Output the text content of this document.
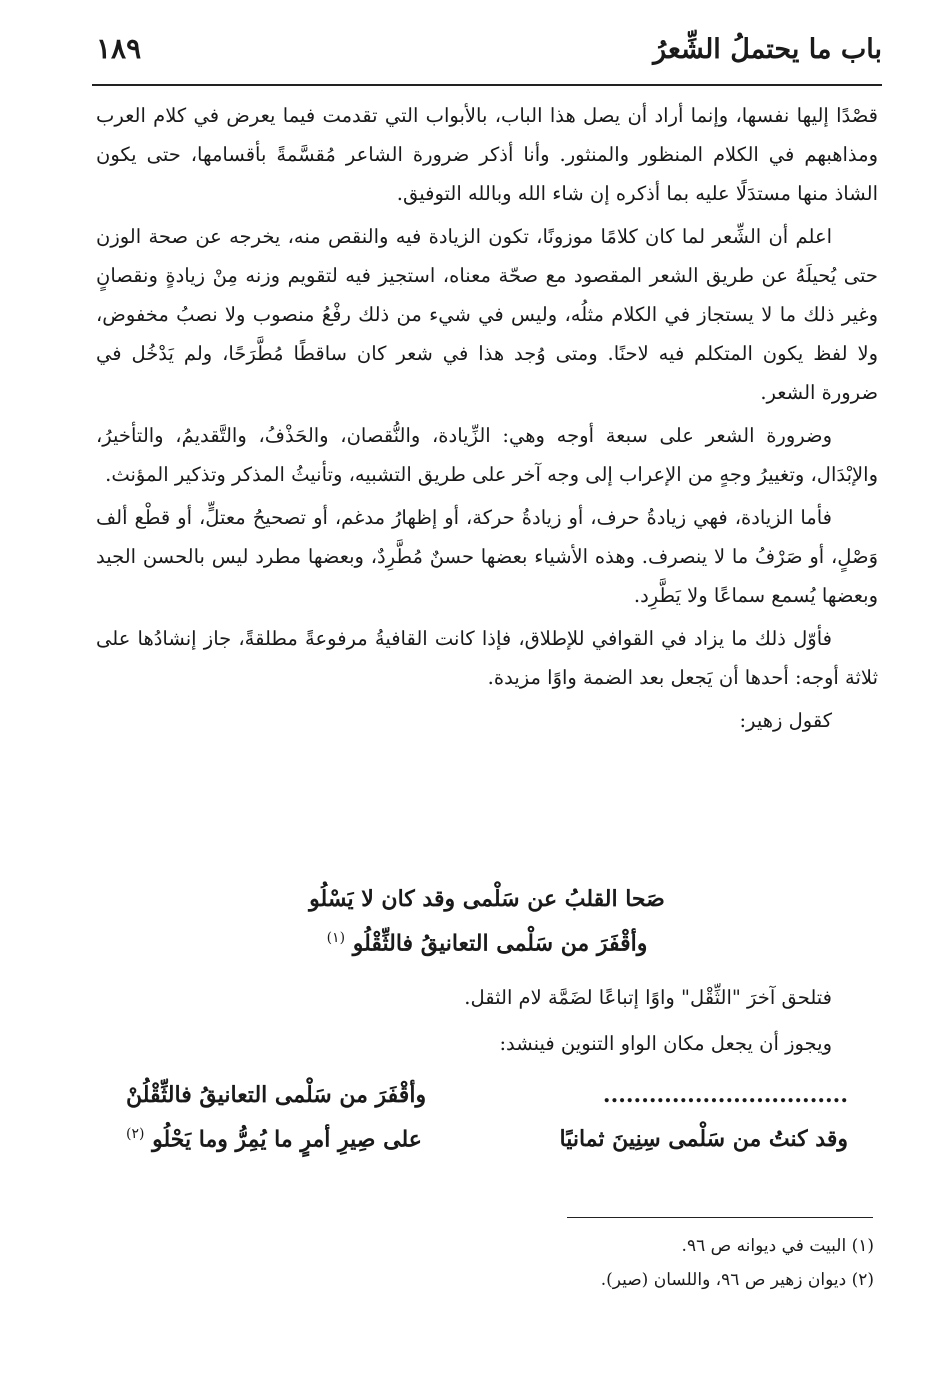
باب ما يحتملُ الشِّعرُ
١٨٩

قصْدًا إليها نفسها، وإنما أراد أن يصل هذا الباب، بالأبواب التي تقدمت فيما يعرض في كلام العرب ومذاهبهم في الكلام المنظور والمنثور. وأنا أذكر ضرورة الشاعر مُقسَّمةً بأقسامها، حتى يكون الشاذ منها مستدَلًا عليه بما أذكره إن شاء الله وبالله التوفيق.

اعلم أن الشِّعر لما كان كلامًا موزونًا، تكون الزيادة فيه والنقص منه، يخرجه عن صحة الوزن حتى يُحيلَهُ عن طريق الشعر المقصود مع صحّة معناه، استجيز فيه لتقويم وزنه مِنْ زيادةٍ ونقصانٍ وغير ذلك ما لا يستجاز في الكلام مثلُه، وليس في شيء من ذلك رفْعُ منصوب ولا نصبُ مخفوض، ولا لفظ يكون المتكلم فيه لاحنًا. ومتى وُجد هذا في شعر كان ساقطًا مُطَّرَحًا، ولم يَدْخُل في ضرورة الشعر.

وضرورة الشعر على سبعة أوجه وهي: الزِّيادة، والنُّقصان، والحَذْفُ، والتَّقديمُ، والتأخيرُ، والإبْدَال، وتغييرُ وجهٍ من الإعراب إلى وجه آخر على طريق التشبيه، وتأنيثُ المذكر وتذكير المؤنث.

فأما الزيادة، فهي زيادةُ حرف، أو زيادةُ حركة، أو إظهارُ مدغم، أو تصحيحُ معتلٍّ، أو قطْع ألف وَصْلٍ، أو صَرْفُ ما لا ينصرف. وهذه الأشياء بعضها حسنٌ مُطَّرِدٌ، وبعضها مطرد ليس بالحسن الجيد وبعضها يُسمع سماعًا ولا يَطَّرِد.

فأوّل ذلك ما يزاد في القوافي للإطلاق، فإذا كانت القافيةُ مرفوعةً مطلقةً، جاز إنشادُها على ثلاثة أوجه: أحدها أن يَجعل بعد الضمة واوًا مزيدة.

كقول زهير:

صَحا القلبُ عن سَلْمى وقد كان لا يَسْلُو
وأقْفَرَ من سَلْمى التعانيقُ فالثِّقْلُو $^{(١)}$
فتلحق آخرَ "الثِّقْل" واوًا إتباعًا لضَمَّة لام الثقل.
ويجوز أن يجعل مكان الواو التنوين فينشد:
................................
وأقْفَرَ من سَلْمى التعانيقُ فالثِّقْلُنْ
وقد كنتُ من سَلْمى سِنِينَ ثمانيًا
على صِيرِ أمرٍ ما يُمِرُّ وما يَحْلُو $^{(٢)}$

(١) البيت في ديوانه ص ٩٦.

(٢) ديوان زهير ص ٩٦، واللسان (صير).
